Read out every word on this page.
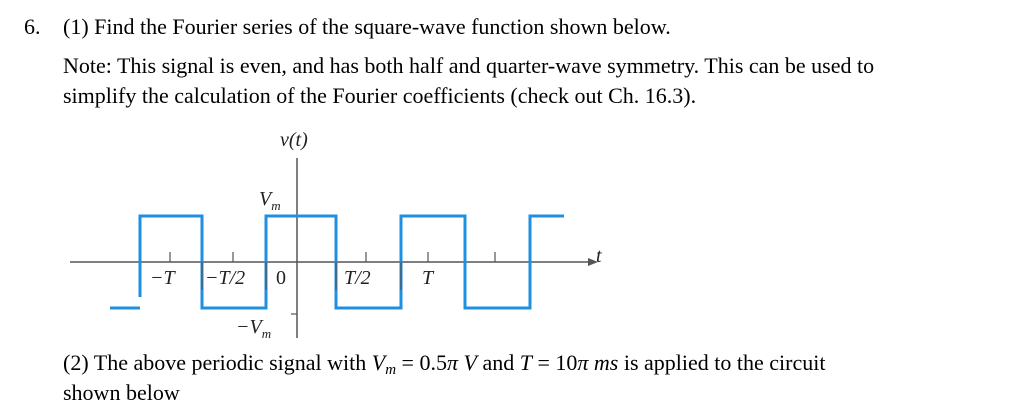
6. (1) Find the Fourier series of the square-wave function shown below.
Note: This signal is even, and has both half and quarter-wave symmetry. This can be used to
simplify the calculation of the Fourier coefficients (check out Ch. 16.3).
t
v(t)
−T −T/2 0	T/2	T
$V_m$
$-V_m$
(2) The above periodic signal with $V_m = 0.5\pi$ V and T = 10π ms is applied to the circuit
shown below
